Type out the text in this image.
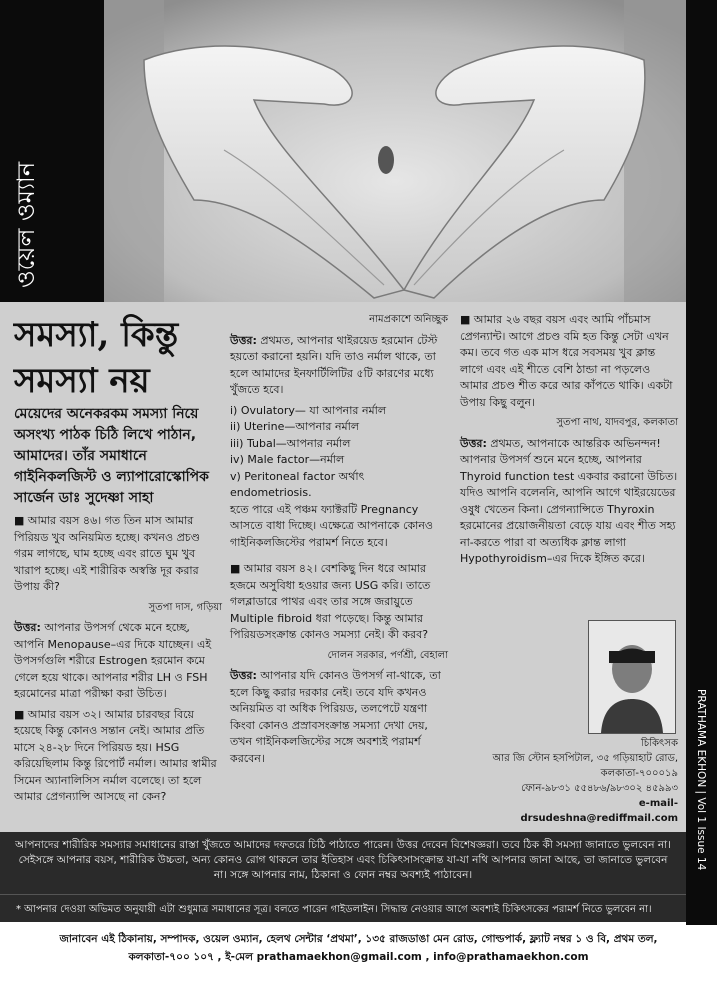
ওয়েল ওম্যান
PRATHAMA EKHON | Vol 1 Issue 14
সমস্যা, কিন্তু
সমস্যা নয়

মেয়েদের অনেকরকম সমস্যা নিয়ে অসংখ্য পাঠক চিঠি লিখে পাঠান, আমাদের। তাঁর সমাধানে গাইনিকলজিস্ট ও ল্যাপারোস্কোপিক সার্জেন ডাঃ সুদেষ্ণা সাহা

■ আমার বয়স ৪৬। গত তিন মাস আমার পিরিয়ড খুব অনিয়মিত হচ্ছে। কখনও প্রচণ্ড গরম লাগছে, ঘাম হচ্ছে এবং রাতে ঘুম খুব খারাপ হচ্ছে। এই শারীরিক অস্বস্তি দূর করার উপায় কী?

সুতপা দাস, গড়িয়া

উত্তর: আপনার উপসর্গ থেকে মনে হচ্ছে, আপনি Menopause–এর দিকে যাচ্ছেন। এই উপসর্গগুলি শরীরে Estrogen হরমোন কমে গেলে হয়ে থাকে। আপনার শরীর LH ও FSH হরমোনের মাত্রা পরীক্ষা করা উচিত।

■ আমার বয়স ৩২। আমার চারবছর বিয়ে হয়েছে কিন্তু কোনও সন্তান নেই। আমার প্রতি মাসে ২৪-২৮ দিনে পিরিয়ড হয়। HSG করিয়েছিলাম কিন্তু রিপোর্ট নর্মাল। আমার স্বামীর সিমেন অ্যানালিসিস নর্মাল বলেছে। তা হলে আমার প্রেগন্যান্সি আসছে না কেন?

নামপ্রকাশে অনিচ্ছুক

উত্তর: প্রথমত, আপনার থাইরয়েড হরমোন টেস্ট হয়তো করানো হয়নি। যদি তাও নর্মাল থাকে, তা হলে আমাদের ইনফার্টিলিটির ৫টি কারণের মধ্যে খুঁজতে হবে।

i) Ovulatory— যা আপনার নর্মাল
ii) Uterine—আপনার নর্মাল
iii) Tubal—আপনার নর্মাল
iv) Male factor—নর্মাল
v) Peritoneal factor অর্থাৎ endometriosis.

হতে পারে এই পঞ্চম ফ্যাক্টরটি Pregnancy আসতে বাধা দিচ্ছে। এক্ষেত্রে আপনাকে কোনও গাইনিকলজিস্টের পরামর্শ নিতে হবে।

■ আমার বয়স ৪২। বেশকিছু দিন ধরে আমার হজমে অসুবিধা হওয়ার জন্য USG করি। তাতে গলব্লাডারে পাথর এবং তার সঙ্গে জরায়ুতে Multiple fibroid ধরা পড়েছে। কিন্তু আমার পিরিয়ডসংক্রান্ত কোনও সমস্যা নেই। কী করব?

দোলন সরকার, পর্ণশ্রী, বেহালা

উত্তর: আপনার যদি কোনও উপসর্গ না-থাকে, তা হলে কিছু করার দরকার নেই। তবে যদি কখনও অনিয়মিত বা অধিক পিরিয়ড, তলপেটে যন্ত্রণা কিংবা কোনও প্রস্রাবসংক্রান্ত সমস্যা দেখা দেয়, তখন গাইনিকলজিস্টের সঙ্গে অবশ্যই পরামর্শ করবেন।

■ আমার ২৬ বছর বয়স এবং আমি পাঁচমাস প্রেগন্যান্ট। আগে প্রচণ্ড বমি হত কিন্তু সেটা এখন কম। তবে গত এক মাস ধরে সবসময় খুব ক্লান্ত লাগে এবং এই শীতে বেশি ঠান্ডা না পড়লেও আমার প্রচণ্ড শীত করে আর কাঁপতে থাকি। একটা উপায় কিছু বলুন।

সুতপা নাথ, যাদবপুর, কলকাতা

উত্তর: প্রথমত, আপনাকে আন্তরিক অভিনন্দন! আপনার উপসর্গ শুনে মনে হচ্ছে, আপনার Thyroid function test একবার করানো উচিত। যদিও আপনি বলেননি, আপনি আগে থাইরয়েডের ওষুধ খেতেন কিনা। প্রেগন্যান্সিতে Thyroxin হরমোনের প্রয়োজনীয়তা বেড়ে যায় এবং শীত সহ্য না-করতে পারা বা অত্যধিক ক্লান্ত লাগা Hypothyroidism–এর দিকে ইঙ্গিত করে।

চিকিৎসক
আর জি স্টোন হসপিটাল, ৩৫ গড়িয়াহাট রোড,
কলকাতা-৭০০০১৯
ফোন-৯৮৩১ ৫৫৪৮৬/৯৮৩০২ ৪৫৯৯৩
e-mail-drsudeshna@rediffmail.com
আপনাদের শারীরিক সমস্যার সমাধানের রাস্তা খুঁজতে আমাদের দফতরে চিঠি পাঠাতে পারেন। উত্তর দেবেন বিশেষজ্ঞরা। তবে ঠিক কী সমস্যা জানাতে ভুলবেন না। সেইসঙ্গে আপনার বয়স, শারীরিক উচ্চতা, অন্য কোনও রোগ থাকলে তার ইতিহাস এবং চিকিৎসাসংক্রান্ত যা-যা নথি আপনার জানা আছে, তা জানাতে ভুলবেন না। সঙ্গে আপনার নাম, ঠিকানা ও ফোন নম্বর অবশ্যই পাঠাবেন।
* আপনার দেওয়া অভিমত অনুযায়ী এটা শুধুমাত্র সমাধানের সূত্র। বলতে পারেন গাইডলাইন। সিদ্ধান্ত নেওয়ার আগে অবশ্যই চিকিৎসকের পরামর্শ নিতে ভুলবেন না।
জানাবেন এই ঠিকানায়, সম্পাদক, ওয়েল ওম্যান, হেলথ সেন্টার ‘প্রথমা’, ১৩৫ রাজডাঙা মেন রোড, গোল্ডপার্ক, ফ্ল্যাট নম্বর ১ ও বি, প্রথম তল,
কলকাতা-৭০০ ১০৭ , ই-মেল prathamaekhon@gmail.com , info@prathamaekhon.com
